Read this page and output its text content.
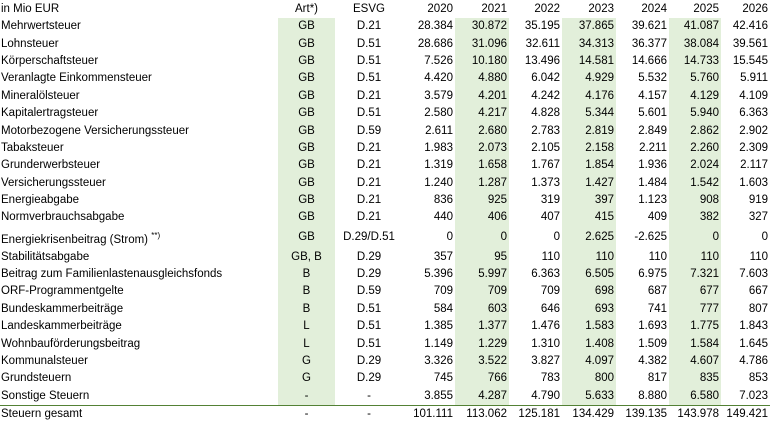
in Mio EUR	Art*)	ESVG	2020	2021	2022	2023	2024	2025	2026
Mehrwertsteuer	GB	D.21	28.384	30.872	35.195	37.865	39.621	41.087	42.416
Lohnsteuer	GB	D.51	28.686	31.096	32.611	34.313	36.377	38.084	39.561
Körperschaftsteuer	GB	D.51	7.526	10.180	13.496	14.581	14.666	14.733	15.545
Veranlagte Einkommensteuer	GB	D.51	4.420	4.880	6.042	4.929	5.532	5.760	5.911
Mineralölsteuer	GB	D.21	3.579	4.201	4.242	4.176	4.157	4.129	4.109
Kapitalertragsteuer	GB	D.51	2.580	4.217	4.828	5.344	5.601	5.940	6.363
Motorbezogene Versicherungssteuer	GB	D.59	2.611	2.680	2.783	2.819	2.849	2.862	2.902
Tabaksteuer	GB	D.21	1.983	2.073	2.105	2.158	2.211	2.260	2.309
Grunderwerbsteuer	GB	D.21	1.319	1.658	1.767	1.854	1.936	2.024	2.117
Versicherungssteuer	GB	D.21	1.240	1.287	1.373	1.427	1.484	1.542	1.603
Energieabgabe	GB	D.21	836	925	319	397	1.123	908	919
Normverbrauchsabgabe	GB	D.21	440	406	407	415	409	382	327
Energiekrisenbeitrag (Strom) **)	GB	D.29/D.51	0	0	0	2.625	-2.625	0	0
Stabilitätsabgabe	GB, B	D.29	357	95	110	110	110	110	110
Beitrag zum Familienlastenausgleichsfonds	B	D.29	5.396	5.997	6.363	6.505	6.975	7.321	7.603
ORF-Programmentgelte	B	D.59	709	709	709	698	687	677	667
Bundeskammerbeiträge	B	D.51	584	603	646	693	741	777	807
Landeskammerbeiträge	L	D.51	1.385	1.377	1.476	1.583	1.693	1.775	1.843
Wohnbauförderungsbeitrag	L	D.51	1.149	1.229	1.310	1.408	1.509	1.584	1.645
Kommunalsteuer	G	D.29	3.326	3.522	3.827	4.097	4.382	4.607	4.786
Grundsteuern	G	D.29	745	766	783	800	817	835	853
Sonstige Steuern	-	-	3.855	4.287	4.790	5.633	8.880	6.580	7.023
Steuern gesamt	-	-	101.111	113.062	125.181	134.429	139.135	143.978	149.421
